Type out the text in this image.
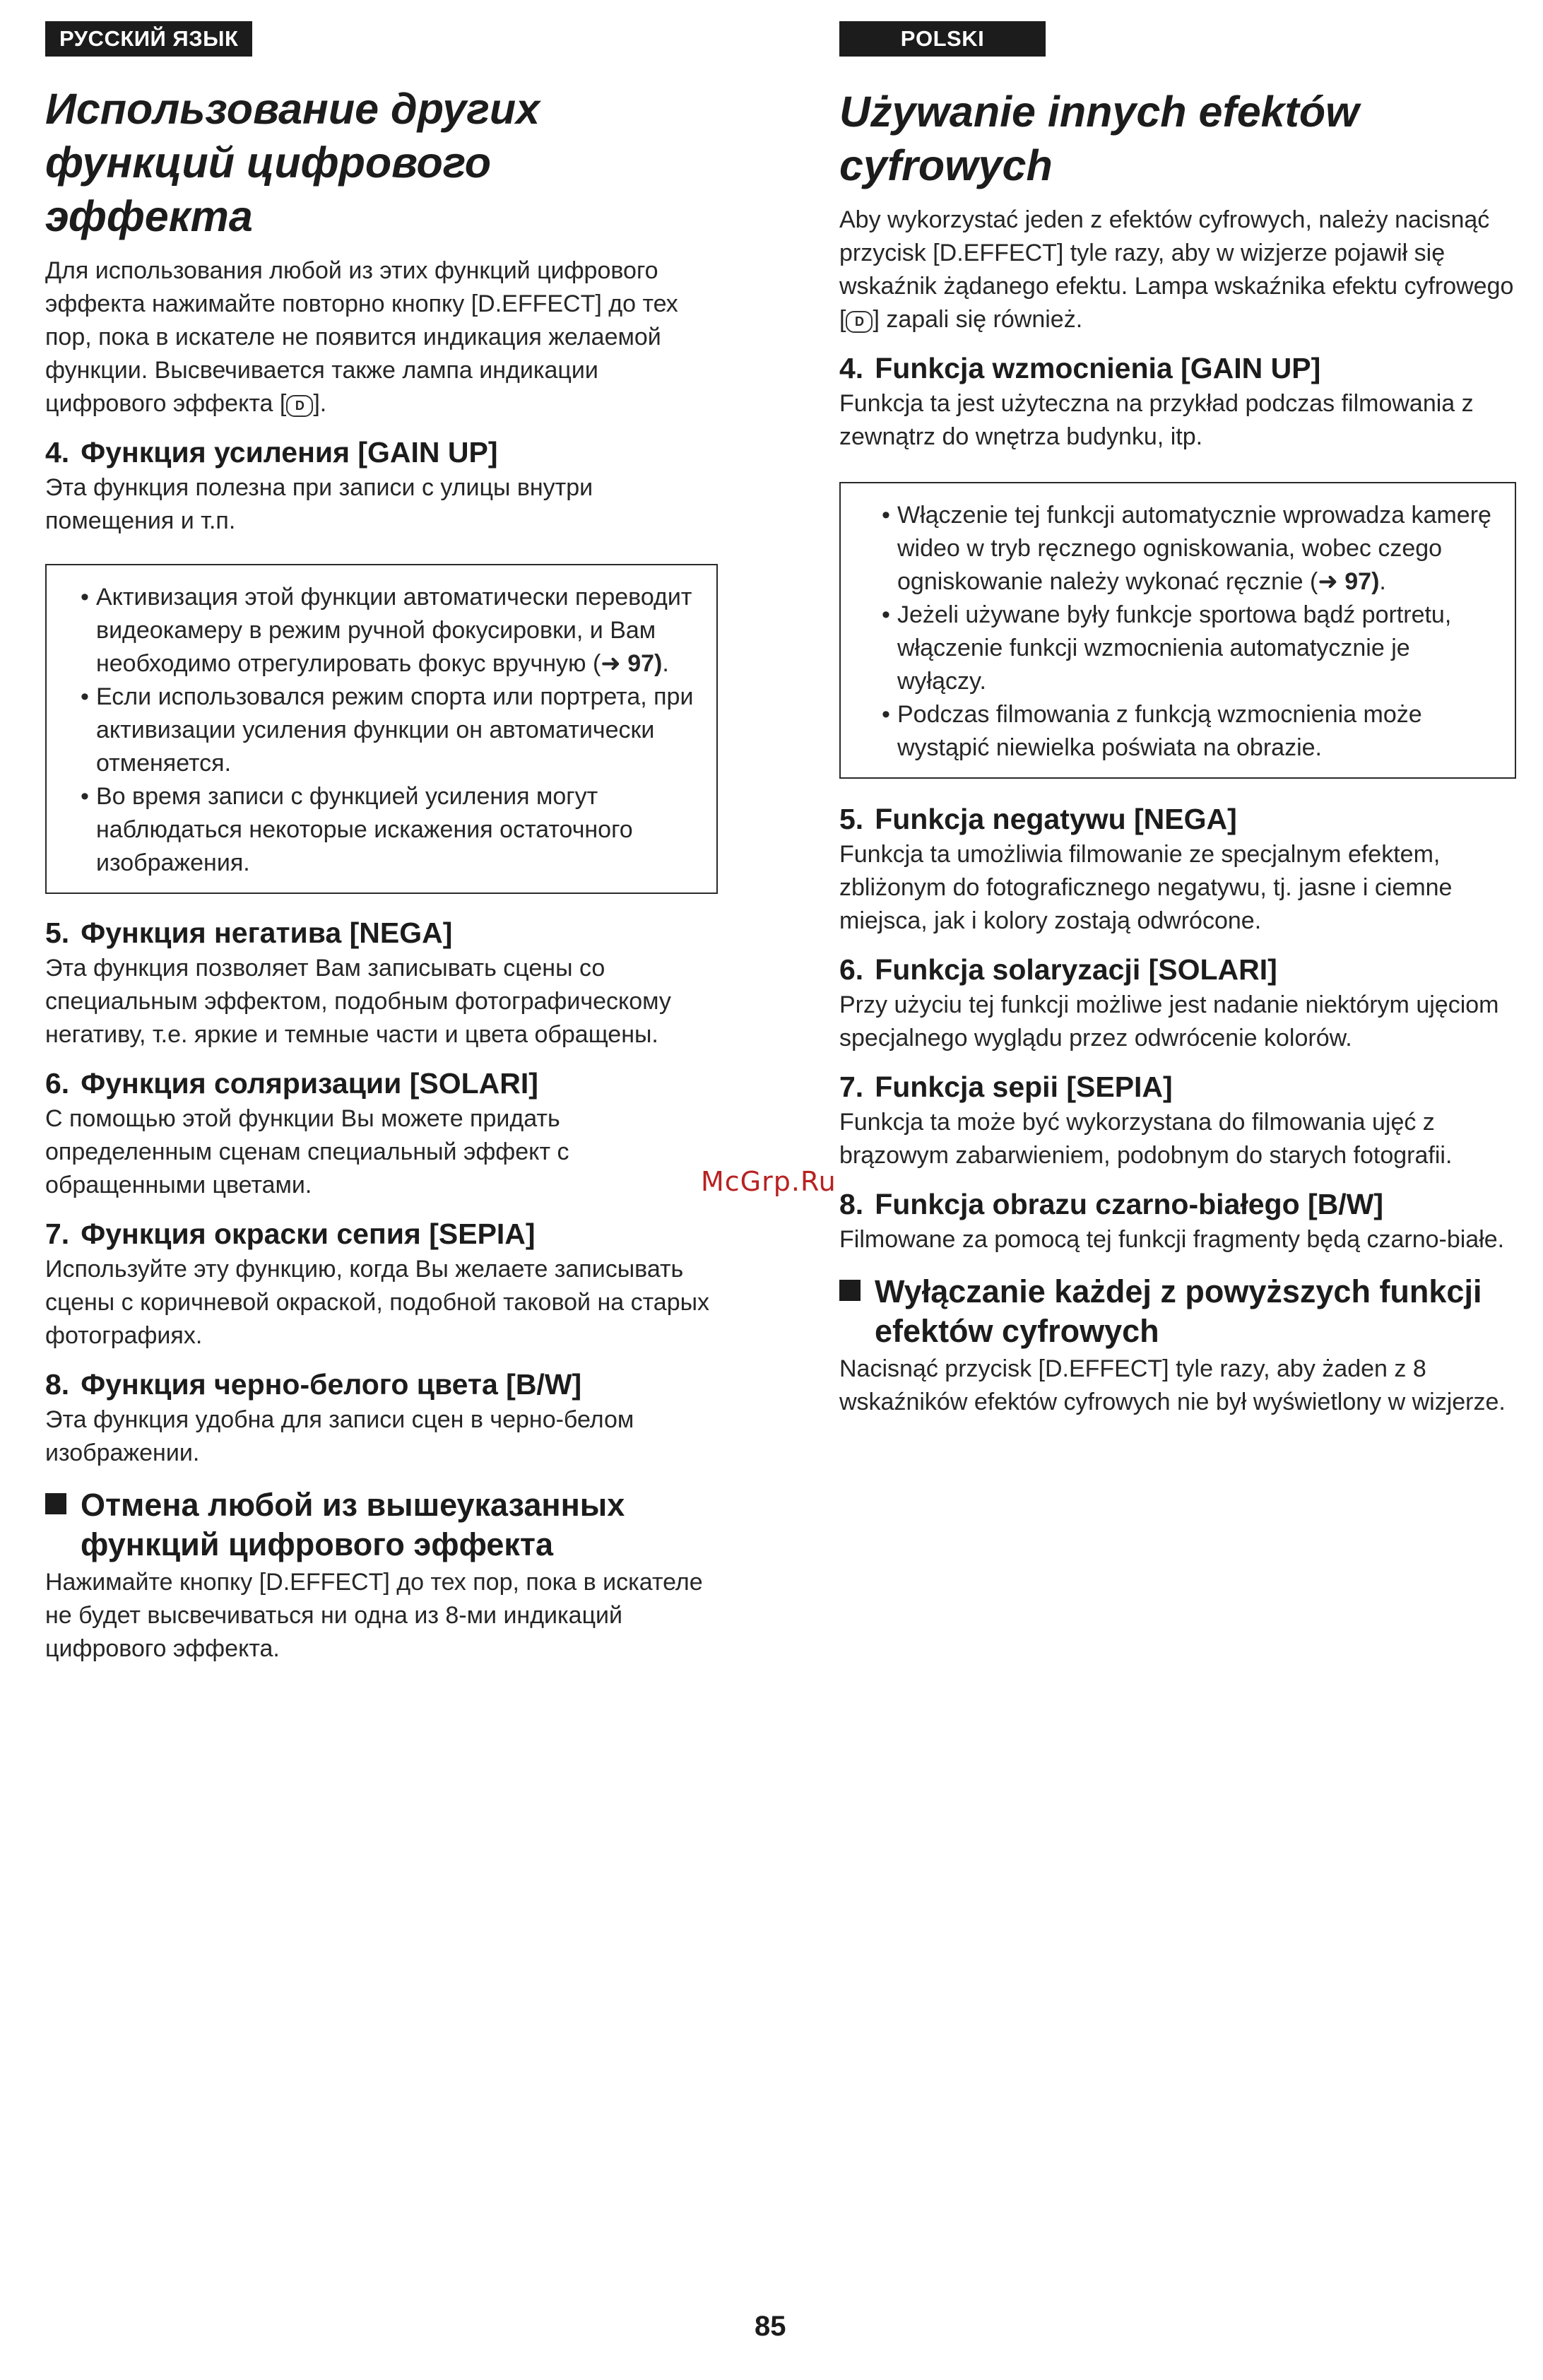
РУССКИЙ ЯЗЫК
Использование других
функций цифрового
эффекта

Для использования любой из этих функций цифрового эффекта нажимайте повторно кнопку [D.EFFECT] до тех пор, пока в искателе не появится индикация желаемой функции. Высвечивается также лампа индикации цифрового эффекта [ D ].

4. Функция усиления [GAIN UP]

Эта функция полезна при записи с улицы внутри помещения и т.п.

• Активизация этой функции автоматически переводит видеокамеру в режим ручной фокусировки, и Вам необходимо отрегулировать фокус вручную (➜ 97).
• Если использовался режим спорта или портрета, при активизации усиления функции он автоматически отменяется.
• Во время записи с функцией усиления могут наблюдаться некоторые искажения остаточного изображения.
5. Функция негатива [NEGA]

Эта функция позволяет Вам записывать сцены со специальным эффектом, подобным фотографическому негативу, т.е. яркие и темные части и цвета обращены.

6. Функция соляризации [SOLARI]

С помощью этой функции Вы можете придать определенным сценам специальный эффект с обращенными цветами.

7. Функция окраски сепия [SEPIA]

Используйте эту функцию, когда Вы желаете записывать сцены с коричневой окраской, подобной таковой на старых фотографиях.

8. Функция черно-белого цвета [B/W]

Эта функция удобна для записи сцен в черно-белом изображении.

Отмена любой из вышеуказанных
функций цифрового эффекта

Нажимайте кнопку [D.EFFECT] до тех пор, пока в искателе не будет высвечиваться ни одна из 8-ми индикаций цифрового эффекта.

POLSKI
Używanie innych efektów
cyfrowych

Aby wykorzystać jeden z efektów cyfrowych, należy nacisnąć przycisk [D.EFFECT] tyle razy, aby w wizjerze pojawił się wskaźnik żądanego efektu. Lampa wskaźnika efektu cyfrowego [ D ] zapali się również.

4. Funkcja wzmocnienia [GAIN UP]

Funkcja ta jest użyteczna na przykład podczas filmowania z zewnątrz do wnętrza budynku, itp.

• Włączenie tej funkcji automatycznie wprowadza kamerę wideo w tryb ręcznego ogniskowania, wobec czego ogniskowanie należy wykonać ręcznie (➜ 97).
• Jeżeli używane były funkcje sportowa bądź portretu, włączenie funkcji wzmocnienia automatycznie je wyłączy.
• Podczas filmowania z funkcją wzmocnienia może wystąpić niewielka poświata na obrazie.
5. Funkcja negatywu [NEGA]

Funkcja ta umożliwia filmowanie ze specjalnym efektem, zbliżonym do fotograficznego negatywu, tj. jasne i ciemne miejsca, jak i kolory zostają odwrócone.

6. Funkcja solaryzacji [SOLARI]

Przy użyciu tej funkcji możliwe jest nadanie niektórym ujęciom specjalnego wyglądu przez odwrócenie kolorów.

7. Funkcja sepii [SEPIA]

Funkcja ta może być wykorzystana do filmowania ujęć z brązowym zabarwieniem, podobnym do starych fotografii.

8. Funkcja obrazu czarno-białego [B/W]

Filmowane za pomocą tej funkcji fragmenty będą czarno-białe.

Wyłączanie każdej z powyższych funkcji
efektów cyfrowych

Nacisnąć przycisk [D.EFFECT] tyle razy, aby żaden z 8 wskaźników efektów cyfrowych nie był wyświetlony w wizjerze.

McGrp.Ru
85
